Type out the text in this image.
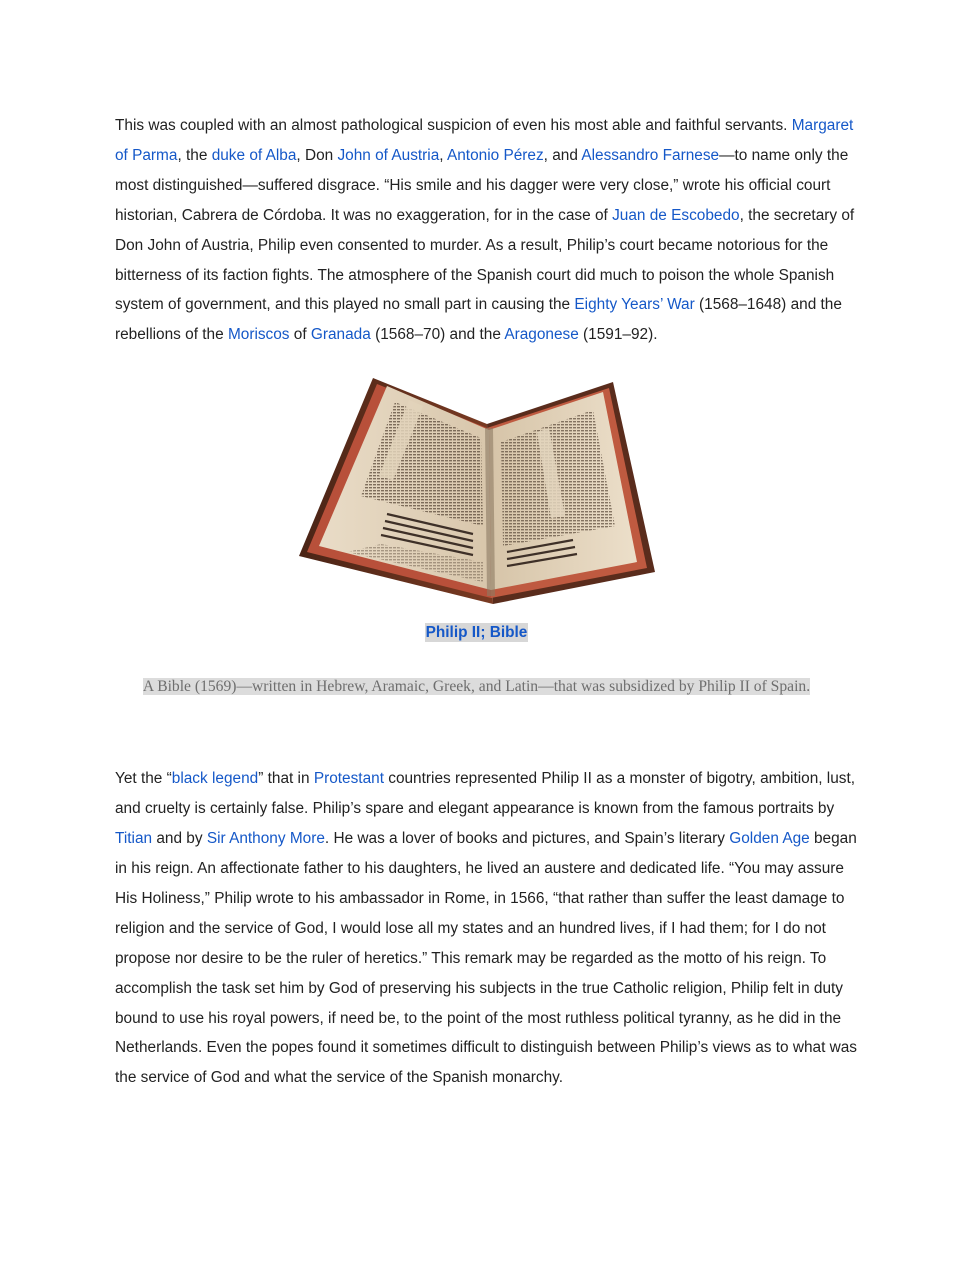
This was coupled with an almost pathological suspicion of even his most able and faithful servants. Margaret of Parma, the duke of Alba, Don John of Austria, Antonio Pérez, and Alessandro Farnese—to name only the most distinguished—suffered disgrace. “His smile and his dagger were very close,” wrote his official court historian, Cabrera de Córdoba. It was no exaggeration, for in the case of Juan de Escobedo, the secretary of Don John of Austria, Philip even consented to murder. As a result, Philip’s court became notorious for the bitterness of its faction fights. The atmosphere of the Spanish court did much to poison the whole Spanish system of government, and this played no small part in causing the Eighty Years’ War (1568–1648) and the rebellions of the Moriscos of Granada (1568–70) and the Aragonese (1591–92).

Philip II; Bible
A Bible (1569)—written in Hebrew, Aramaic, Greek, and Latin—that was subsidized by Philip II of Spain.

Yet the “black legend” that in Protestant countries represented Philip II as a monster of bigotry, ambition, lust, and cruelty is certainly false. Philip’s spare and elegant appearance is known from the famous portraits by Titian and by Sir Anthony More. He was a lover of books and pictures, and Spain’s literary Golden Age began in his reign. An affectionate father to his daughters, he lived an austere and dedicated life. “You may assure His Holiness,” Philip wrote to his ambassador in Rome, in 1566, “that rather than suffer the least damage to religion and the service of God, I would lose all my states and an hundred lives, if I had them; for I do not propose nor desire to be the ruler of heretics.” This remark may be regarded as the motto of his reign. To accomplish the task set him by God of preserving his subjects in the true Catholic religion, Philip felt in duty bound to use his royal powers, if need be, to the point of the most ruthless political tyranny, as he did in the Netherlands. Even the popes found it sometimes difficult to distinguish between Philip’s views as to what was the service of God and what the service of the Spanish monarchy.
